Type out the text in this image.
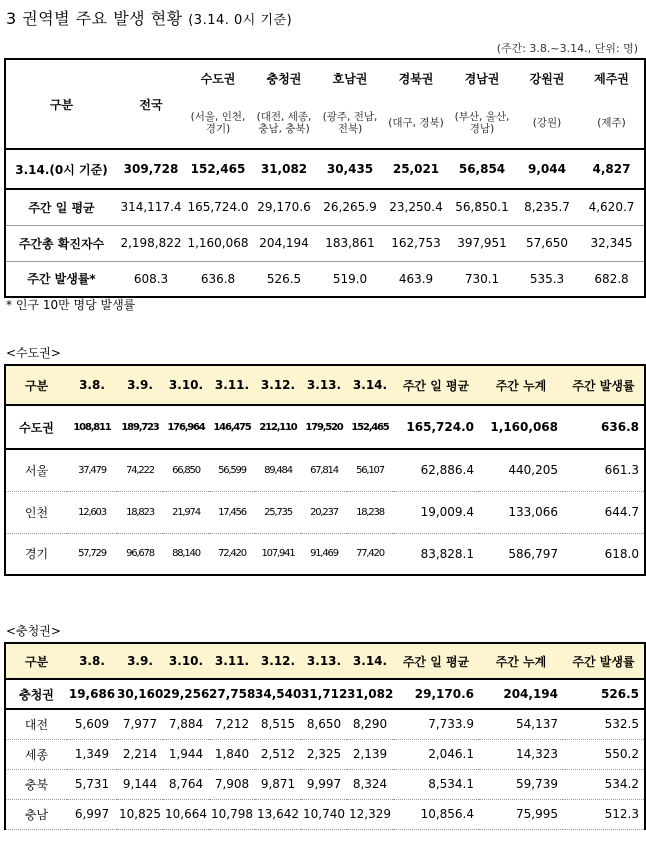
3 권역별 주요 발생 현황 (3.14. 0시 기준)
(주간: 3.8.~3.14., 단위: 명)
구분	전국	수도권	충청권	호남권	경북권	경남권	강원권	제주권
		(서울, 인천, 경기)	(대전, 세종, 충남, 충북)	(광주, 전남, 전북)	(대구, 경북)	(부산, 울산, 경남)	(강원)	(제주)
3.14.(0시 기준)	309,728	152,465	31,082	30,435	25,021	56,854	9,044	4,827
주간 일 평균	314,117.4	165,724.0	29,170.6	26,265.9	23,250.4	56,850.1	8,235.7	4,620.7
주간총 확진자수	2,198,822	1,160,068	204,194	183,861	162,753	397,951	57,650	32,345
주간 발생률*	608.3	636.8	526.5	519.0	463.9	730.1	535.3	682.8
* 인구 10만 명당 발생률
<수도권>
구분	3.8.	3.9.	3.10.	3.11.	3.12.	3.13.	3.14.	주간 일 평균	주간 누계	주간 발생률
수도권	108,811	189,723	176,964	146,475	212,110	179,520	152,465	165,724.0	1,160,068	636.8
서울	37,479	74,222	66,850	56,599	89,484	67,814	56,107	62,886.4	440,205	661.3
인천	12,603	18,823	21,974	17,456	25,735	20,237	18,238	19,009.4	133,066	644.7
경기	57,729	96,678	88,140	72,420	107,941	91,469	77,420	83,828.1	586,797	618.0
<충청권>
구분	3.8.	3.9.	3.10.	3.11.	3.12.	3.13.	3.14.	주간 일 평균	주간 누계	주간 발생률
충청권	19,686	30,160	29,256	27,758	34,540	31,712	31,082	29,170.6	204,194	526.5
대전	5,609	7,977	7,884	7,212	8,515	8,650	8,290	7,733.9	54,137	532.5
세종	1,349	2,214	1,944	1,840	2,512	2,325	2,139	2,046.1	14,323	550.2
충북	5,731	9,144	8,764	7,908	9,871	9,997	8,324	8,534.1	59,739	534.2
충남	6,997	10,825	10,664	10,798	13,642	10,740	12,329	10,856.4	75,995	512.3
